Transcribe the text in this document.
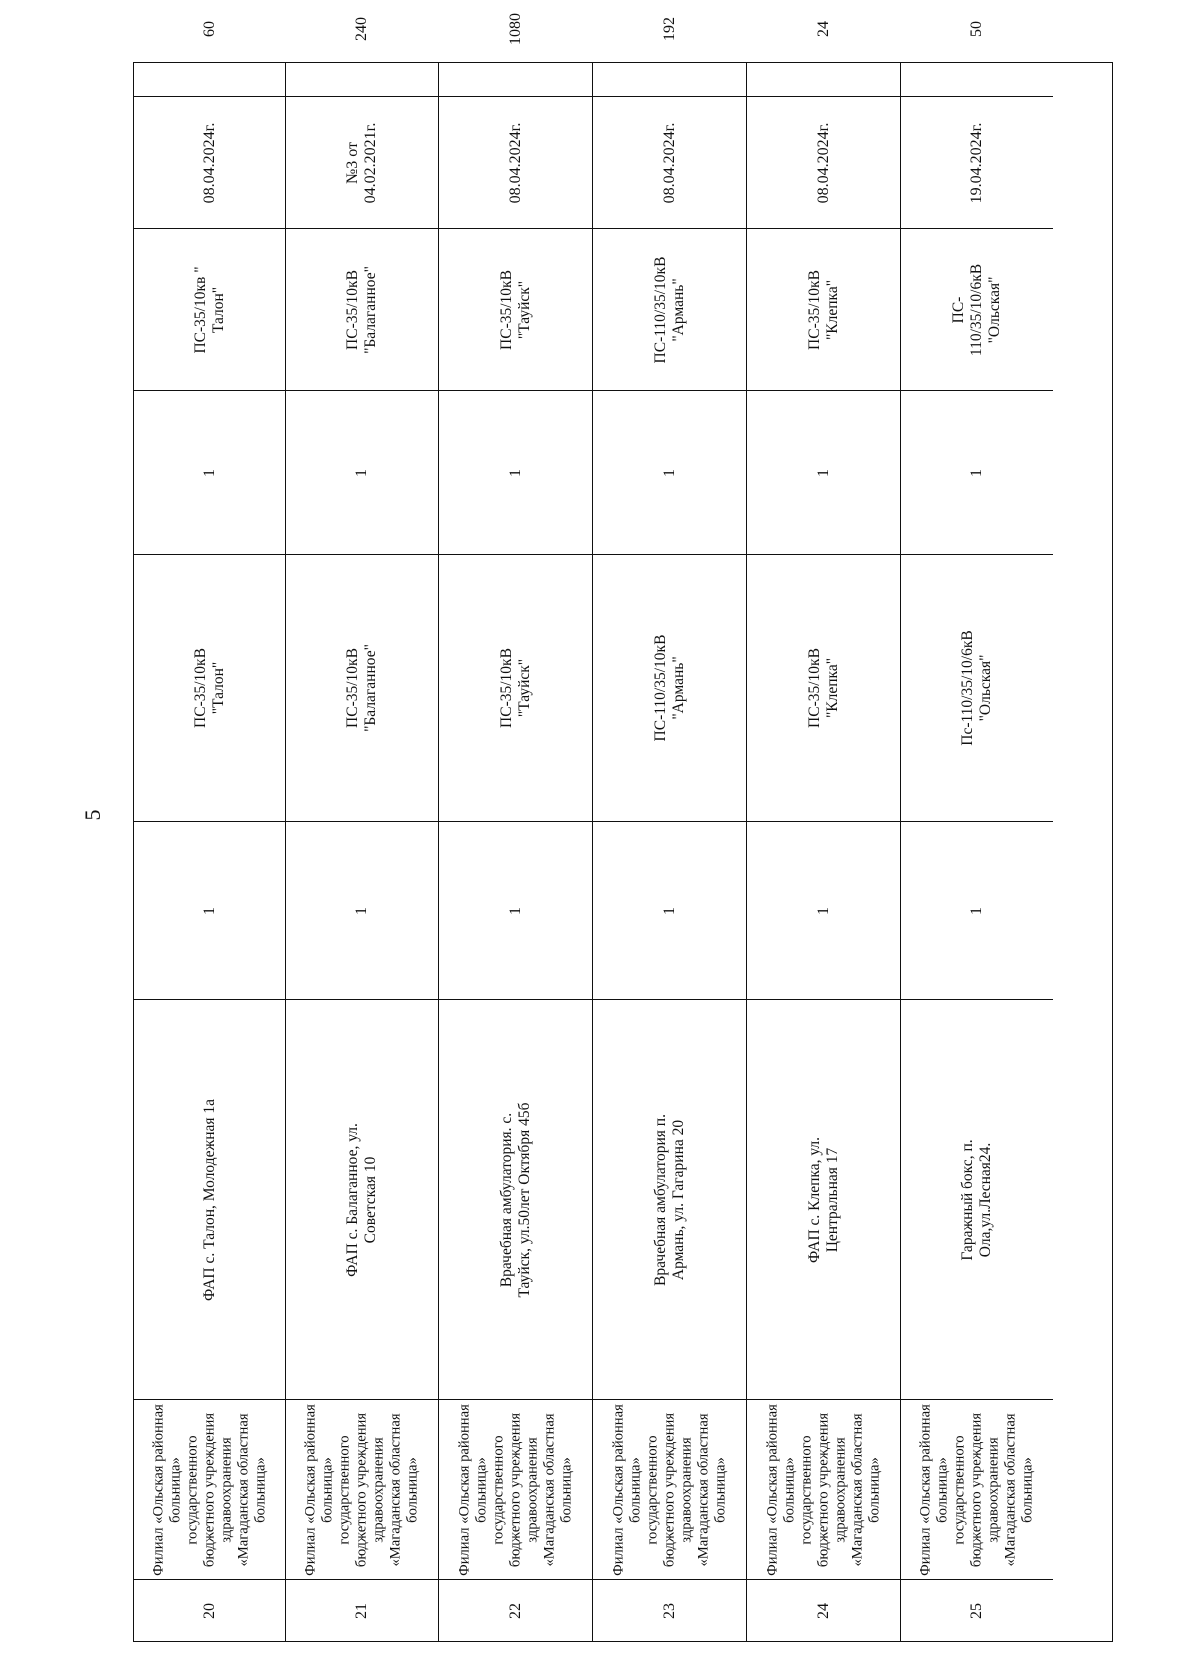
5
20
Филиал «Ольская районная
больница»
государственного
бюджетного учреждения
здравоохранения
«Магаданская областная
больница»
ФАП с. Талон, Молодежная 1а
1
ПС-35/10кВ
"Талон"
1
ПС-35/10кв "
Талон"
08.04.2024г.
60
21
Филиал «Ольская районная
больница»
государственного
бюджетного учреждения
здравоохранения
«Магаданская областная
больница»
ФАП с. Балаганное, ул.
Советская 10
1
ПС-35/10кВ
"Балаганное"
1
ПС-35/10кВ
"Балаганное"
№3 от
04.02.2021г.
240
22
Филиал «Ольская районная
больница»
государственного
бюджетного учреждения
здравоохранения
«Магаданская областная
больница»
Врачебная амбулатория. с.
Тауйск, ул.50лет Октября 45б
1
ПС-35/10кВ
"Тауйск"
1
ПС-35/10кВ
"Тауйск"
08.04.2024г.
1080
23
Филиал «Ольская районная
больница»
государственного
бюджетного учреждения
здравоохранения
«Магаданская областная
больница»
Врачебная амбулатория п.
Армань, ул. Гагарина 20
1
ПС-110/35/10кВ
"Армань"
1
ПС-110/35/10кВ
"Армань"
08.04.2024г.
192
24
Филиал «Ольская районная
больница»
государственного
бюджетного учреждения
здравоохранения
«Магаданская областная
больница»
ФАП с. Клепка, ул.
Центральная 17
1
ПС-35/10кВ
"Клепка"
1
ПС-35/10кВ
"Клепка"
08.04.2024г.
24
25
Филиал «Ольская районная
больница»
государственного
бюджетного учреждения
здравоохранения
«Магаданская областная
больница»
Гаражный бокс, п.
Ола,ул.Лесная24.
1
Пс-110/35/10/6кВ
"Ольская"
1
ПС-
110/35/10/6кВ
"Ольская"
19.04.2024г.
50
